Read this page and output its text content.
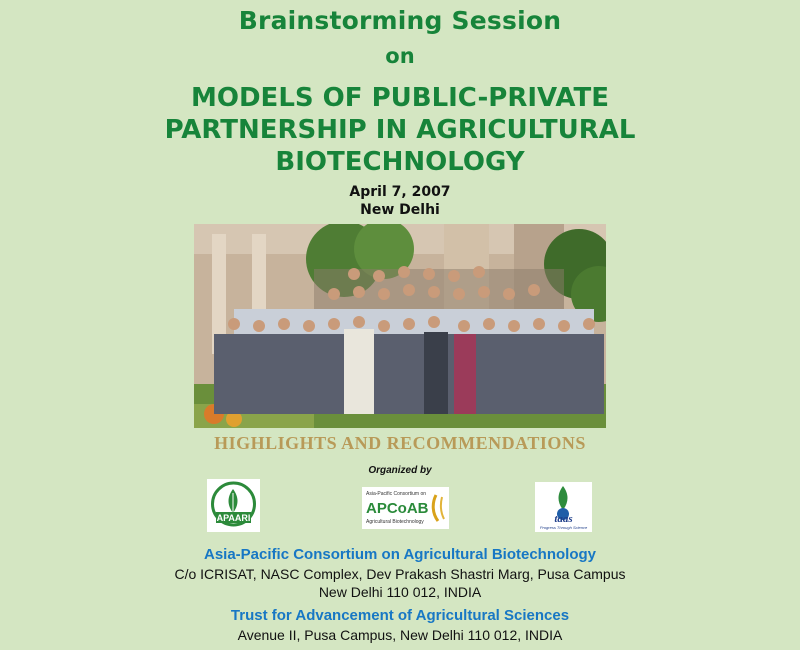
Brainstorming Session
on
MODELS OF PUBLIC-PRIVATE
PARTNERSHIP IN AGRICULTURAL
BIOTECHNOLOGY
April 7, 2007
New Delhi
HIGHLIGHTS AND RECOMMENDATIONS
Organized by
APAARI
Asia-Pacific Consortium on
APCoAB
Agricultural Biotechnology	taas
Progress Through Science
Asia-Pacific Consortium on Agricultural Biotechnology
C/o ICRISAT, NASC Complex, Dev Prakash Shastri Marg, Pusa Campus
New Delhi 110 012, INDIA
Trust for Advancement of Agricultural Sciences
Avenue II, Pusa Campus, New Delhi 110 012, INDIA
